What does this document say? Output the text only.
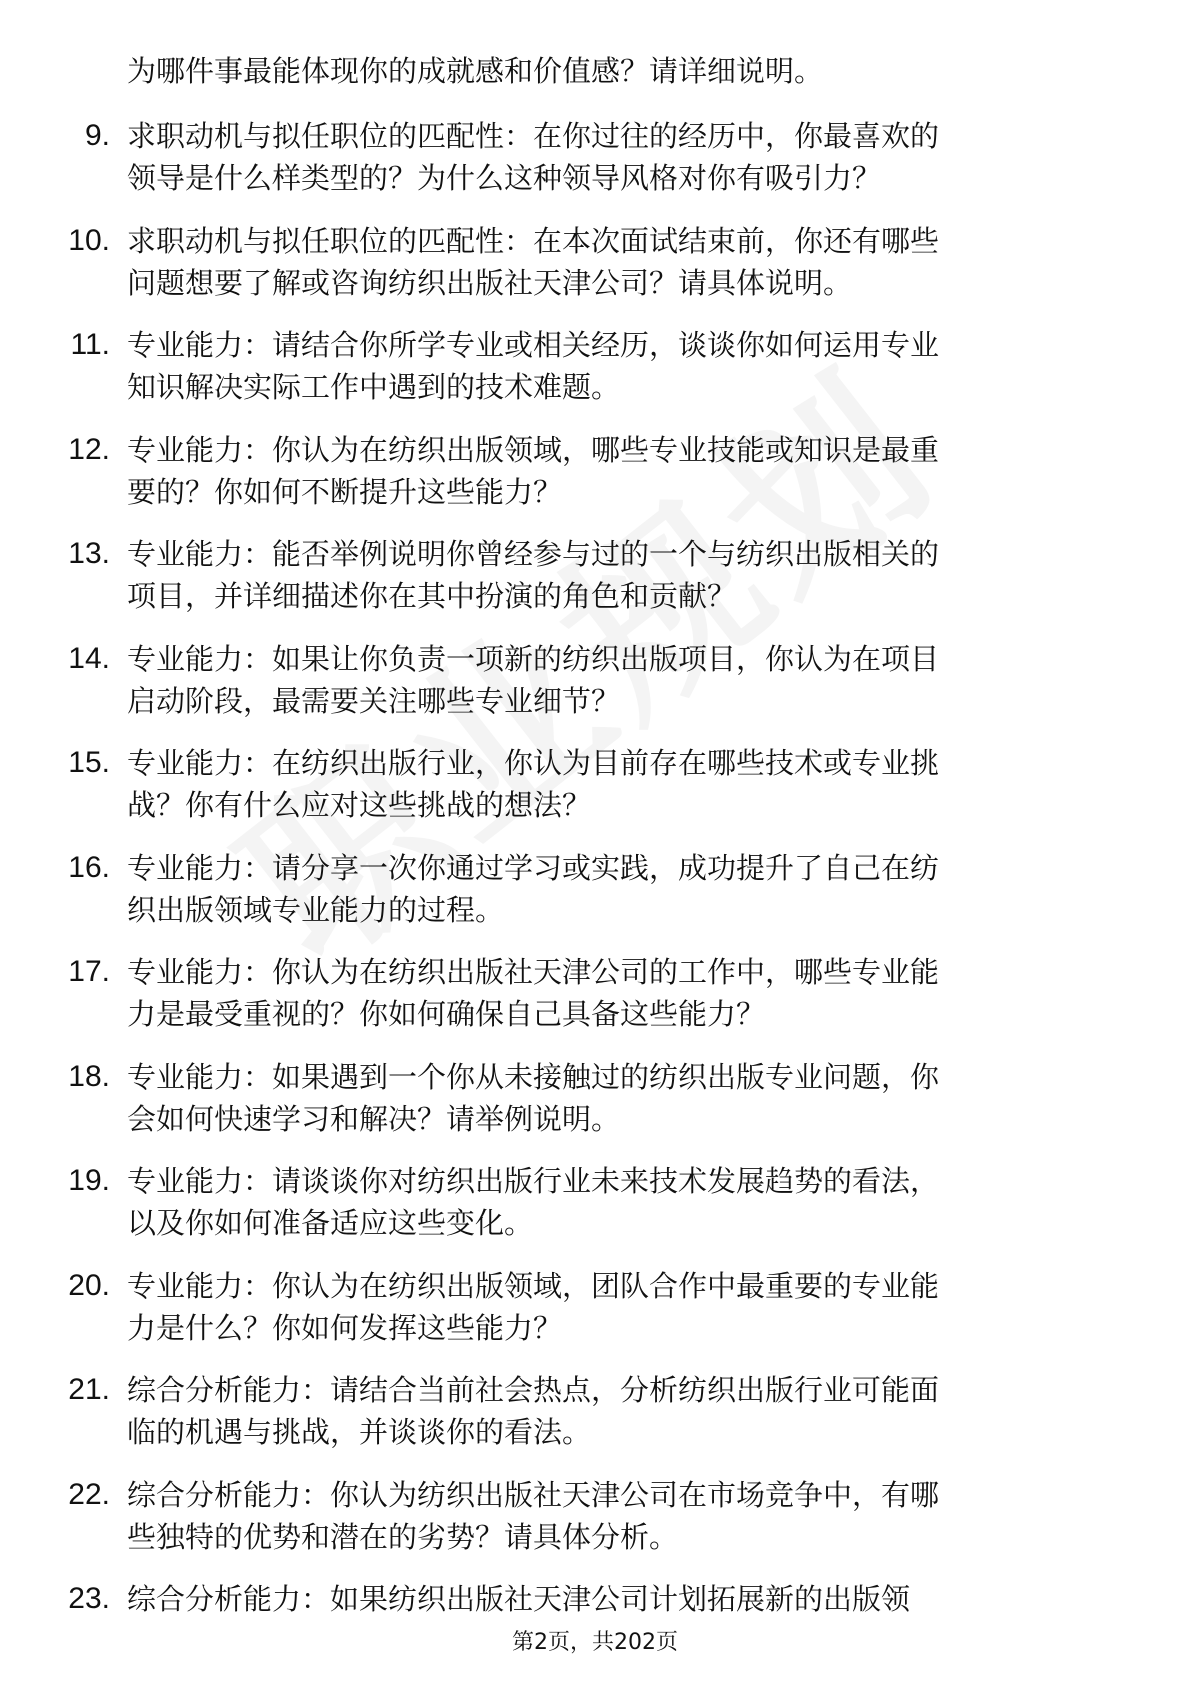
为哪件事最能体现你的成就感和价值感？请详细说明。
9. 求职动机与拟任职位的匹配性：在你过往的经历中，你最喜欢的
领导是什么样类型的？为什么这种领导风格对你有吸引力？
10. 求职动机与拟任职位的匹配性：在本次面试结束前，你还有哪些
问题想要了解或咨询纺织出版社天津公司？请具体说明。
11. 专业能力：请结合你所学专业或相关经历，谈谈你如何运用专业
知识解决实际工作中遇到的技术难题。
12. 专业能力：你认为在纺织出版领域，哪些专业技能或知识是最重
要的？你如何不断提升这些能力？
13. 专业能力：能否举例说明你曾经参与过的一个与纺织出版相关的
项目，并详细描述你在其中扮演的角色和贡献？
14. 专业能力：如果让你负责一项新的纺织出版项目，你认为在项目
启动阶段，最需要关注哪些专业细节？
15. 专业能力：在纺织出版行业，你认为目前存在哪些技术或专业挑
战？你有什么应对这些挑战的想法？
16. 专业能力：请分享一次你通过学习或实践，成功提升了自己在纺
织出版领域专业能力的过程。
17. 专业能力：你认为在纺织出版社天津公司的工作中，哪些专业能
力是最受重视的？你如何确保自己具备这些能力？
18. 专业能力：如果遇到一个你从未接触过的纺织出版专业问题，你
会如何快速学习和解决？请举例说明。
19. 专业能力：请谈谈你对纺织出版行业未来技术发展趋势的看法，
以及你如何准备适应这些变化。
20. 专业能力：你认为在纺织出版领域，团队合作中最重要的专业能
力是什么？你如何发挥这些能力？
21. 综合分析能力：请结合当前社会热点，分析纺织出版行业可能面
临的机遇与挑战，并谈谈你的看法。
22. 综合分析能力：你认为纺织出版社天津公司在市场竞争中，有哪
些独特的优势和潜在的劣势？请具体分析。
23. 综合分析能力：如果纺织出版社天津公司计划拓展新的出版领
第2页，共202页
